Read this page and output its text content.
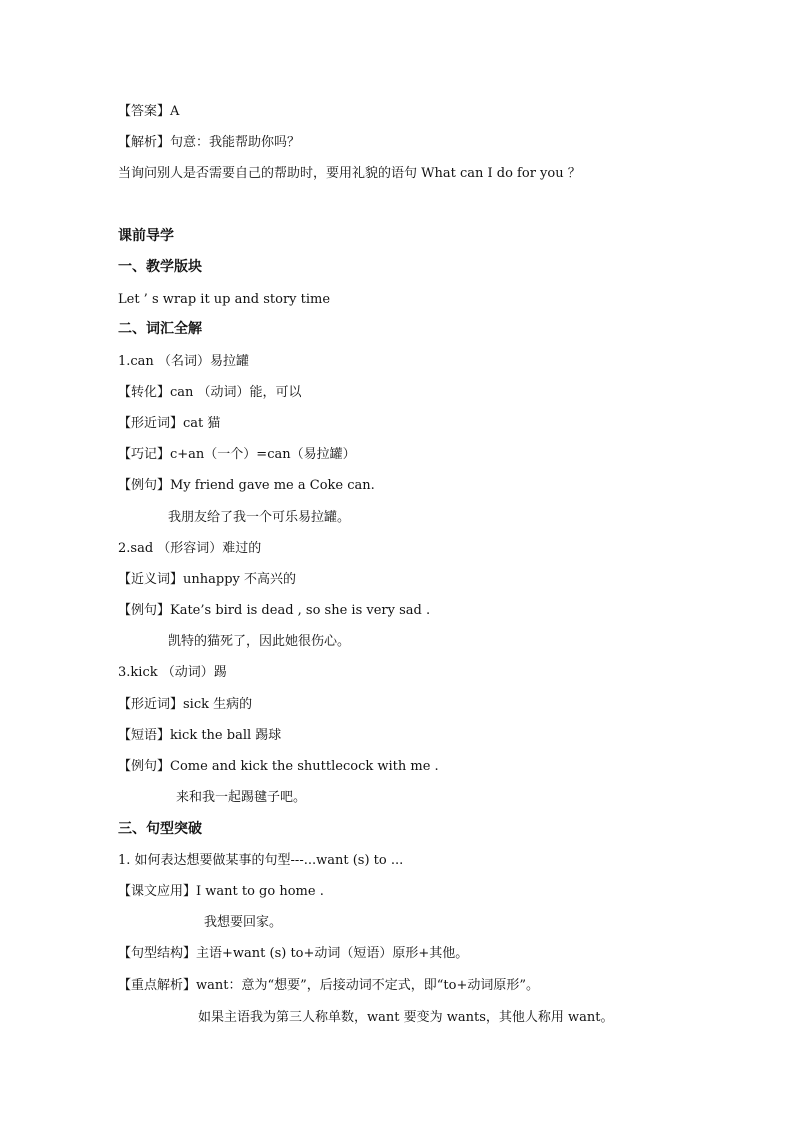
【答案】A
【解析】句意：我能帮助你吗？
当询问别人是否需要自己的帮助时，要用礼貌的语句 What can I do for you ？
课前导学
一、教学版块
Let ’ s wrap it up and story time
二、词汇全解
1.can （名词）易拉罐
【转化】can （动词）能，可以
【形近词】cat 猫
【巧记】c+an（一个）=can（易拉罐）
【例句】My friend gave me a Coke can.
我朋友给了我一个可乐易拉罐。
2.sad （形容词）难过的
【近义词】unhappy 不高兴的
【例句】Kate’s bird is dead , so she is very sad .
凯特的猫死了，因此她很伤心。
3.kick （动词）踢
【形近词】sick 生病的
【短语】kick the ball 踢球
【例句】Come and kick the shuttlecock with me .
来和我一起踢毽子吧。
三、句型突破
1. 如何表达想要做某事的句型---...want (s) to ...
【课文应用】I want to go home .
我想要回家。
【句型结构】主语+want (s) to+动词（短语）原形+其他。
【重点解析】want：意为“想要”，后接动词不定式，即“to+动词原形”。
如果主语我为第三人称单数，want 要变为 wants，其他人称用 want。
